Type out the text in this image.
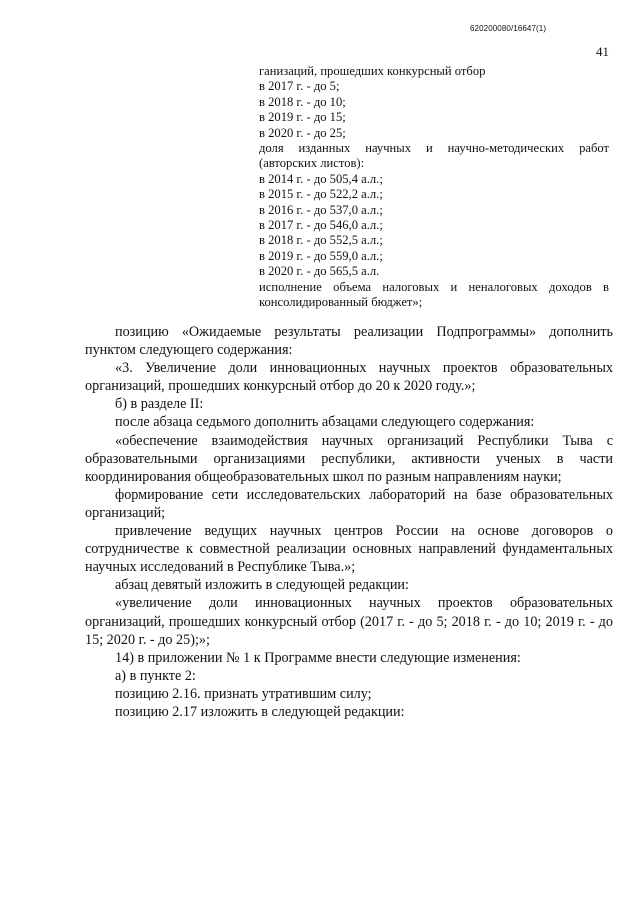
620200080/16647(1)
41
ганизаций, прошедших конкурсный отбор
в 2017 г. - до 5;
в 2018 г. - до 10;
в 2019 г. - до 15;
в 2020 г. - до 25;
доля изданных научных и научно-методических работ (авторских листов):
в 2014 г. - до 505,4 а.л.;
в 2015 г. - до 522,2 а.л.;
в 2016 г. - до 537,0 а.л.;
в 2017 г. - до 546,0 а.л.;
в 2018 г. - до 552,5 а.л.;
в 2019 г. - до 559,0 а.л.;
в 2020 г. - до 565,5 а.л.
исполнение объема налоговых и неналоговых доходов в консолидированный бюджет»;

позицию «Ожидаемые результаты реализации Подпрограммы» дополнить пунктом следующего содержания:

«3. Увеличение доли инновационных научных проектов образовательных организаций, прошедших конкурсный отбор до 20 к 2020 году.»;

б) в разделе II:

после абзаца седьмого дополнить абзацами следующего содержания:

«обеспечение взаимодействия научных организаций Республики Тыва с образовательными организациями республики, активности ученых в части координирования общеобразовательных школ по разным направлениям науки;

формирование сети исследовательских лабораторий на базе образовательных организаций;

привлечение ведущих научных центров России на основе договоров о сотрудничестве к совместной реализации основных направлений фундаментальных научных исследований в Республике Тыва.»;

абзац девятый изложить в следующей редакции:

«увеличение доли инновационных научных проектов образовательных организаций, прошедших конкурсный отбор (2017 г. - до 5; 2018 г. - до 10; 2019 г. - до 15; 2020 г. - до 25);»;

14) в приложении № 1 к Программе внести следующие изменения:

а) в пункте 2:

позицию 2.16. признать утратившим силу;

позицию 2.17 изложить в следующей редакции:
